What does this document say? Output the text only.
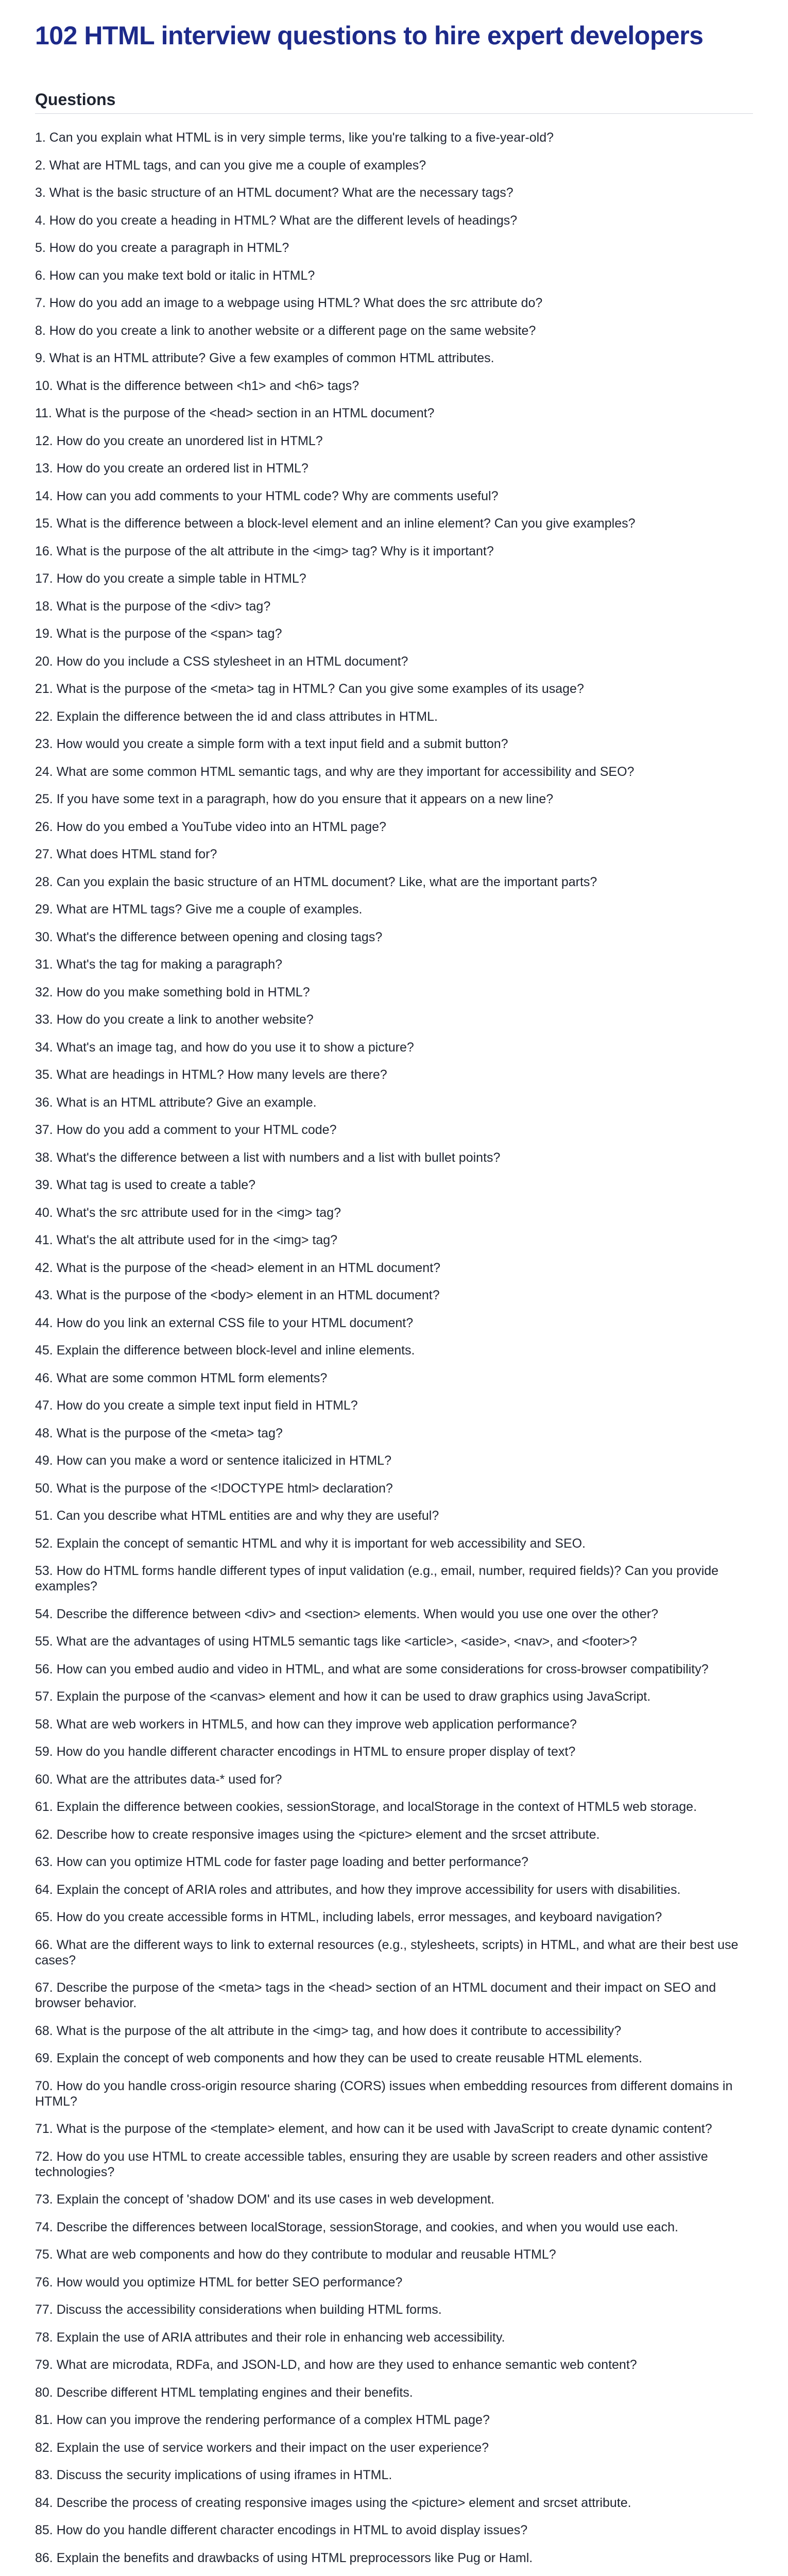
102 HTML interview questions to hire expert developers
Questions
1. Can you explain what HTML is in very simple terms, like you're talking to a five-year-old?
2. What are HTML tags, and can you give me a couple of examples?
3. What is the basic structure of an HTML document? What are the necessary tags?
4. How do you create a heading in HTML? What are the different levels of headings?
5. How do you create a paragraph in HTML?
6. How can you make text bold or italic in HTML?
7. How do you add an image to a webpage using HTML? What does the src attribute do?
8. How do you create a link to another website or a different page on the same website?
9. What is an HTML attribute? Give a few examples of common HTML attributes.
10. What is the difference between <h1> and <h6> tags?
11. What is the purpose of the <head> section in an HTML document?
12. How do you create an unordered list in HTML?
13. How do you create an ordered list in HTML?
14. How can you add comments to your HTML code? Why are comments useful?
15. What is the difference between a block-level element and an inline element? Can you give examples?
16. What is the purpose of the alt attribute in the <img> tag? Why is it important?
17. How do you create a simple table in HTML?
18. What is the purpose of the <div> tag?
19. What is the purpose of the <span> tag?
20. How do you include a CSS stylesheet in an HTML document?
21. What is the purpose of the <meta> tag in HTML? Can you give some examples of its usage?
22. Explain the difference between the id and class attributes in HTML.
23. How would you create a simple form with a text input field and a submit button?
24. What are some common HTML semantic tags, and why are they important for accessibility and SEO?
25. If you have some text in a paragraph, how do you ensure that it appears on a new line?
26. How do you embed a YouTube video into an HTML page?
27. What does HTML stand for?
28. Can you explain the basic structure of an HTML document? Like, what are the important parts?
29. What are HTML tags? Give me a couple of examples.
30. What's the difference between opening and closing tags?
31. What's the tag for making a paragraph?
32. How do you make something bold in HTML?
33. How do you create a link to another website?
34. What's an image tag, and how do you use it to show a picture?
35. What are headings in HTML? How many levels are there?
36. What is an HTML attribute? Give an example.
37. How do you add a comment to your HTML code?
38. What's the difference between a list with numbers and a list with bullet points?
39. What tag is used to create a table?
40. What's the src attribute used for in the <img> tag?
41. What's the alt attribute used for in the <img> tag?
42. What is the purpose of the <head> element in an HTML document?
43. What is the purpose of the <body> element in an HTML document?
44. How do you link an external CSS file to your HTML document?
45. Explain the difference between block-level and inline elements.
46. What are some common HTML form elements?
47. How do you create a simple text input field in HTML?
48. What is the purpose of the <meta> tag?
49. How can you make a word or sentence italicized in HTML?
50. What is the purpose of the <!DOCTYPE html> declaration?
51. Can you describe what HTML entities are and why they are useful?
52. Explain the concept of semantic HTML and why it is important for web accessibility and SEO.
53. How do HTML forms handle different types of input validation (e.g., email, number, required fields)? Can you provide examples?
54. Describe the difference between <div> and <section> elements. When would you use one over the other?
55. What are the advantages of using HTML5 semantic tags like <article>, <aside>, <nav>, and <footer>?
56. How can you embed audio and video in HTML, and what are some considerations for cross-browser compatibility?
57. Explain the purpose of the <canvas> element and how it can be used to draw graphics using JavaScript.
58. What are web workers in HTML5, and how can they improve web application performance?
59. How do you handle different character encodings in HTML to ensure proper display of text?
60. What are the attributes data-* used for?
61. Explain the difference between cookies, sessionStorage, and localStorage in the context of HTML5 web storage.
62. Describe how to create responsive images using the <picture> element and the srcset attribute.
63. How can you optimize HTML code for faster page loading and better performance?
64. Explain the concept of ARIA roles and attributes, and how they improve accessibility for users with disabilities.
65. How do you create accessible forms in HTML, including labels, error messages, and keyboard navigation?
66. What are the different ways to link to external resources (e.g., stylesheets, scripts) in HTML, and what are their best use cases?
67. Describe the purpose of the <meta> tags in the <head> section of an HTML document and their impact on SEO and browser behavior.
68. What is the purpose of the alt attribute in the <img> tag, and how does it contribute to accessibility?
69. Explain the concept of web components and how they can be used to create reusable HTML elements.
70. How do you handle cross-origin resource sharing (CORS) issues when embedding resources from different domains in HTML?
71. What is the purpose of the <template> element, and how can it be used with JavaScript to create dynamic content?
72. How do you use HTML to create accessible tables, ensuring they are usable by screen readers and other assistive technologies?
73. Explain the concept of 'shadow DOM' and its use cases in web development.
74. Describe the differences between localStorage, sessionStorage, and cookies, and when you would use each.
75. What are web components and how do they contribute to modular and reusable HTML?
76. How would you optimize HTML for better SEO performance?
77. Discuss the accessibility considerations when building HTML forms.
78. Explain the use of ARIA attributes and their role in enhancing web accessibility.
79. What are microdata, RDFa, and JSON-LD, and how are they used to enhance semantic web content?
80. Describe different HTML templating engines and their benefits.
81. How can you improve the rendering performance of a complex HTML page?
82. Explain the use of service workers and their impact on the user experience?
83. Discuss the security implications of using iframes in HTML.
84. Describe the process of creating responsive images using the <picture> element and srcset attribute.
85. How do you handle different character encodings in HTML to avoid display issues?
86. Explain the benefits and drawbacks of using HTML preprocessors like Pug or Haml.
